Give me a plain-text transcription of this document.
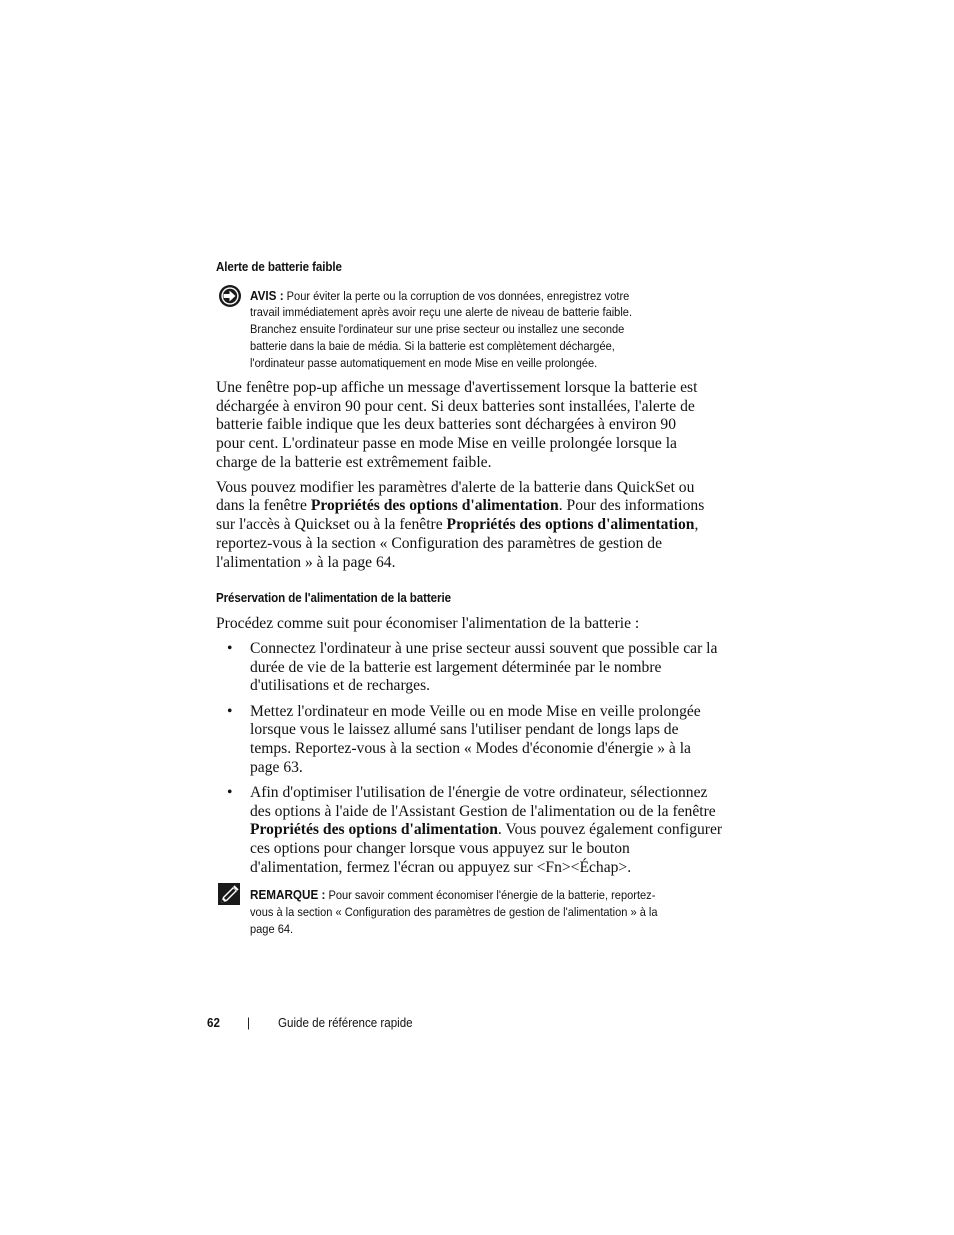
Alerte de batterie faible
AVIS : Pour éviter la perte ou la corruption de vos données, enregistrez votre
travail immédiatement après avoir reçu une alerte de niveau de batterie faible.
Branchez ensuite l'ordinateur sur une prise secteur ou installez une seconde
batterie dans la baie de média. Si la batterie est complètement déchargée,
l'ordinateur passe automatiquement en mode Mise en veille prolongée.
Une fenêtre pop-up affiche un message d'avertissement lorsque la batterie est
déchargée à environ 90 pour cent. Si deux batteries sont installées, l'alerte de
batterie faible indique que les deux batteries sont déchargées à environ 90
pour cent. L'ordinateur passe en mode Mise en veille prolongée lorsque la
charge de la batterie est extrêmement faible.
Vous pouvez modifier les paramètres d'alerte de la batterie dans QuickSet ou
dans la fenêtre Propriétés des options d'alimentation. Pour des informations
sur l'accès à Quickset ou à la fenêtre Propriétés des options d'alimentation,
reportez-vous à la section « Configuration des paramètres de gestion de
l'alimentation » à la page 64.
Préservation de l'alimentation de la batterie
Procédez comme suit pour économiser l'alimentation de la batterie :
• Connectez l'ordinateur à une prise secteur aussi souvent que possible car la
durée de vie de la batterie est largement déterminée par le nombre
d'utilisations et de recharges.
• Mettez l'ordinateur en mode Veille ou en mode Mise en veille prolongée
lorsque vous le laissez allumé sans l'utiliser pendant de longs laps de
temps. Reportez-vous à la section « Modes d'économie d'énergie » à la
page 63.
• Afin d'optimiser l'utilisation de l'énergie de votre ordinateur, sélectionnez
des options à l'aide de l'Assistant Gestion de l'alimentation ou de la fenêtre
Propriétés des options d'alimentation. Vous pouvez également configurer
ces options pour changer lorsque vous appuyez sur le bouton
d'alimentation, fermez l'écran ou appuyez sur <Fn><Échap>.
REMARQUE : Pour savoir comment économiser l'énergie de la batterie, reportez-
vous à la section « Configuration des paramètres de gestion de l'alimentation » à la
page 64.
62 | Guide de référence rapide
